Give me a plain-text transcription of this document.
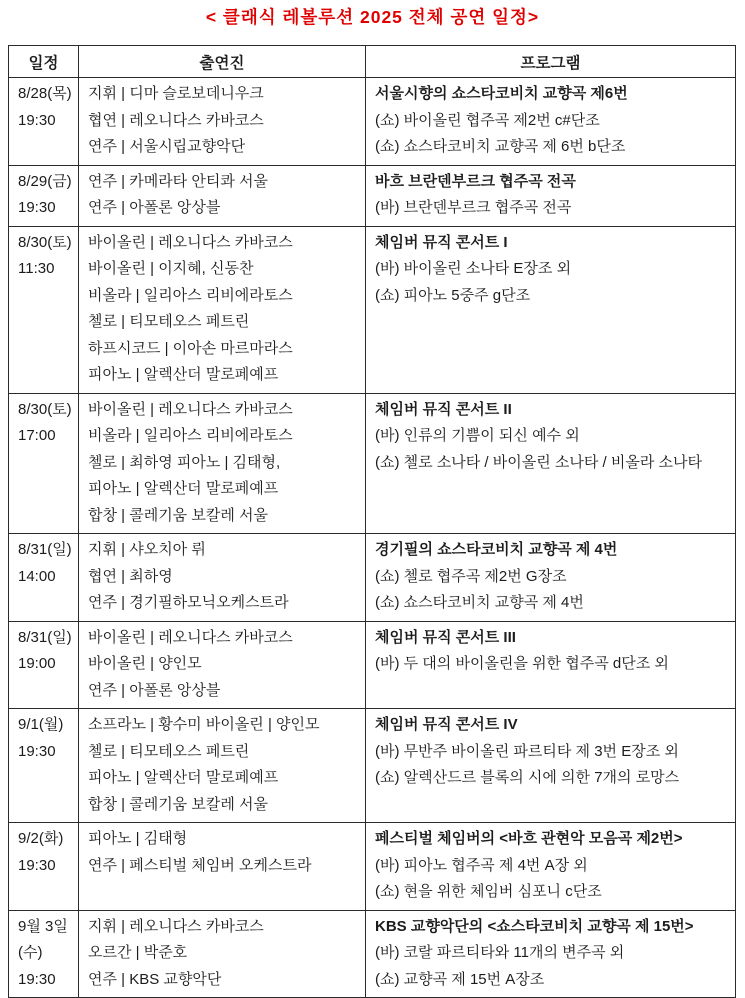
< 클래식 레볼루션 2025 전체 공연 일정>
일정	출연진	프로그램

8/28(목)
19:30

지휘 | 디마 슬로보데니우크
협연 | 레오니다스 카바코스
연주 | 서울시립교향악단

서울시향의 쇼스타코비치 교향곡 제6번
(쇼) 바이올린 협주곡 제2번 c#단조
(쇼) 쇼스타코비치 교향곡 제 6번 b단조

8/29(금)
19:30

연주 | 카메라타 안티콰 서울
연주 | 아폴론 앙상블

바흐 브란덴부르크 협주곡 전곡
(바) 브란덴부르크 협주곡 전곡

8/30(토)
11:30

바이올린 | 레오니다스 카바코스
바이올린 | 이지혜, 신동찬
비올라 | 일리아스 리비에라토스
첼로 | 티모테오스 페트린
하프시코드 | 이아손 마르마라스
피아노 | 알렉산더 말로페예프

체임버 뮤직 콘서트 I
(바) 바이올린 소나타 E장조 외
(쇼) 피아노 5중주 g단조

8/30(토)
17:00

바이올린 | 레오니다스 카바코스
비올라 | 일리아스 리비에라토스
첼로 | 최하영 피아노 | 김태형,
피아노 | 알렉산더 말로페예프
합창 | 콜레기움 보칼레 서울

체임버 뮤직 콘서트 II
(바) 인류의 기쁨이 되신 예수 외
(쇼) 첼로 소나타 / 바이올린 소나타 / 비올라 소나타

8/31(일)
14:00

지휘 | 샤오치아 뤼
협연 | 최하영
연주 | 경기필하모닉오케스트라

경기필의 쇼스타코비치 교향곡 제 4번
(쇼) 첼로 협주곡 제2번 G장조
(쇼) 쇼스타코비치 교향곡 제 4번

8/31(일)
19:00

바이올린 | 레오니다스 카바코스
바이올린 | 양인모
연주 | 아폴론 앙상블

체임버 뮤직 콘서트 III
(바) 두 대의 바이올린을 위한 협주곡 d단조 외

9/1(월)
19:30

소프라노 | 황수미 바이올린 | 양인모
첼로 | 티모테오스 페트린
피아노 | 알렉산더 말로페예프
합창 | 콜레기움 보칼레 서울

체임버 뮤직 콘서트 IV
(바) 무반주 바이올린 파르티타 제 3번 E장조 외
(쇼) 알렉산드르 블록의 시에 의한 7개의 로망스

9/2(화)
19:30

피아노 | 김태형
연주 | 페스티벌 체임버 오케스트라

페스티벌 체임버의 <바흐 관현악 모음곡 제2번>
(바) 피아노 협주곡 제 4번 A장 외
(쇼) 현을 위한 체임버 심포니 c단조

9월 3일
(수)
19:30

지휘 | 레오니다스 카바코스
오르간 | 박준호
연주 | KBS 교향악단

KBS 교향악단의 <쇼스타코비치 교향곡 제 15번>
(바) 코랄 파르티타와 11개의 변주곡 외
(쇼) 교향곡 제 15번 A장조
